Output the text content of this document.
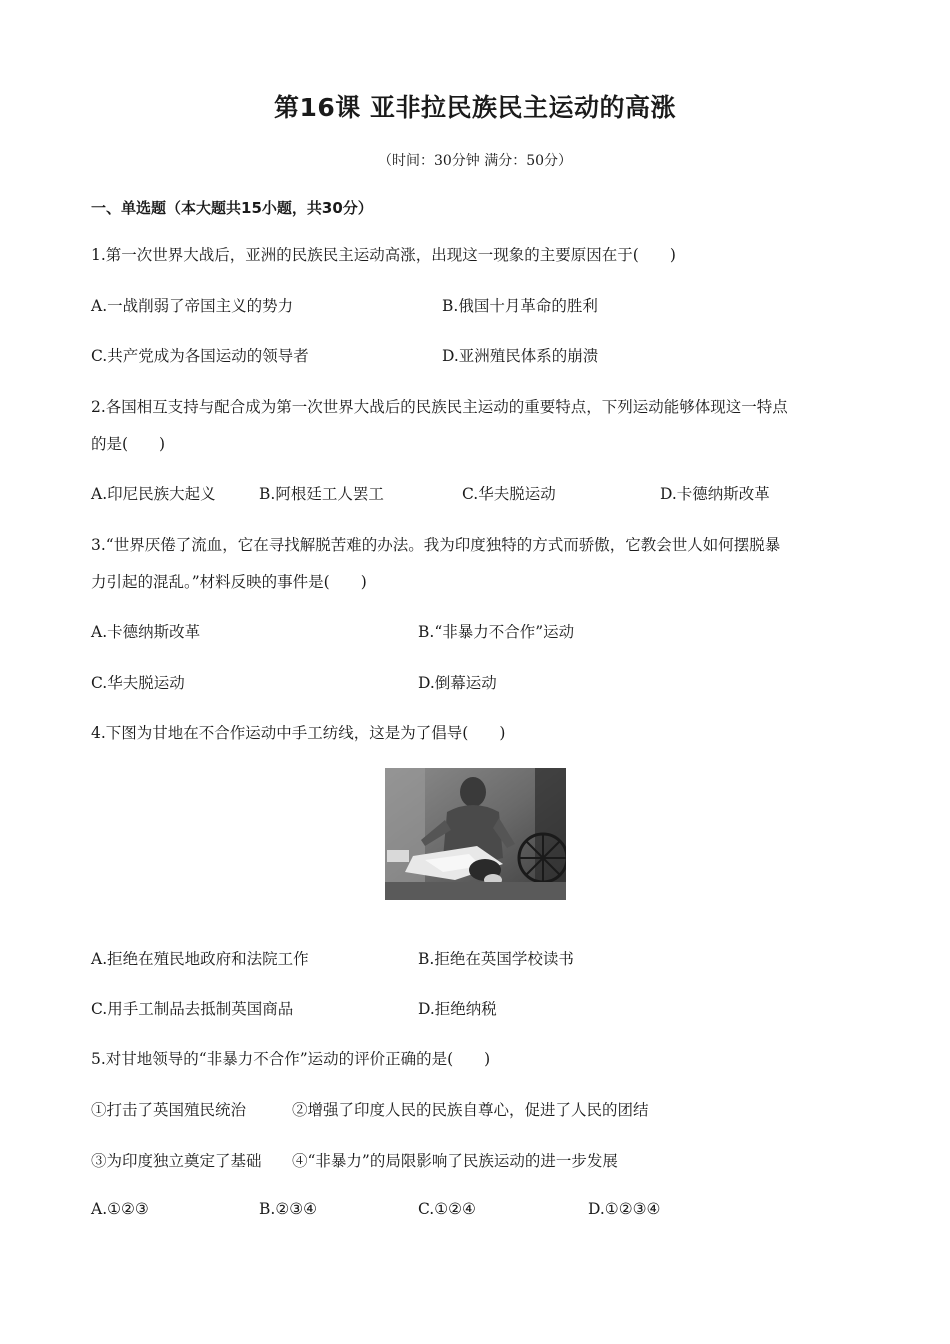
第16课 亚非拉民族民主运动的高涨
（时间：30分钟 满分：50分）
一、单选题（本大题共15小题，共30分）
1.第一次世界大战后，亚洲的民族民主运动高涨，出现这一现象的主要原因在于(　　)
A.一战削弱了帝国主义的势力	B.俄国十月革命的胜利
C.共产党成为各国运动的领导者	D.亚洲殖民体系的崩溃
2.各国相互支持与配合成为第一次世界大战后的民族民主运动的重要特点，下列运动能够体现这一特点
的是(　　)
A.印尼民族大起义	B.阿根廷工人罢工	C.华夫脱运动	D.卡德纳斯改革
3.“世界厌倦了流血，它在寻找解脱苦难的办法。我为印度独特的方式而骄傲，它教会世人如何摆脱暴
力引起的混乱。”材料反映的事件是(　　)
A.卡德纳斯改革	B.“非暴力不合作”运动
C.华夫脱运动	D.倒幕运动
4.下图为甘地在不合作运动中手工纺线，这是为了倡导(　　)
A.拒绝在殖民地政府和法院工作	B.拒绝在英国学校读书
C.用手工制品去抵制英国商品	D.拒绝纳税
5.对甘地领导的“非暴力不合作”运动的评价正确的是(　　)
①打击了英国殖民统治	②增强了印度人民的民族自尊心，促进了人民的团结
③为印度独立奠定了基础 ④“非暴力”的局限影响了民族运动的进一步发展
A.①②③	B.②③④	C.①②④	D.①②③④
